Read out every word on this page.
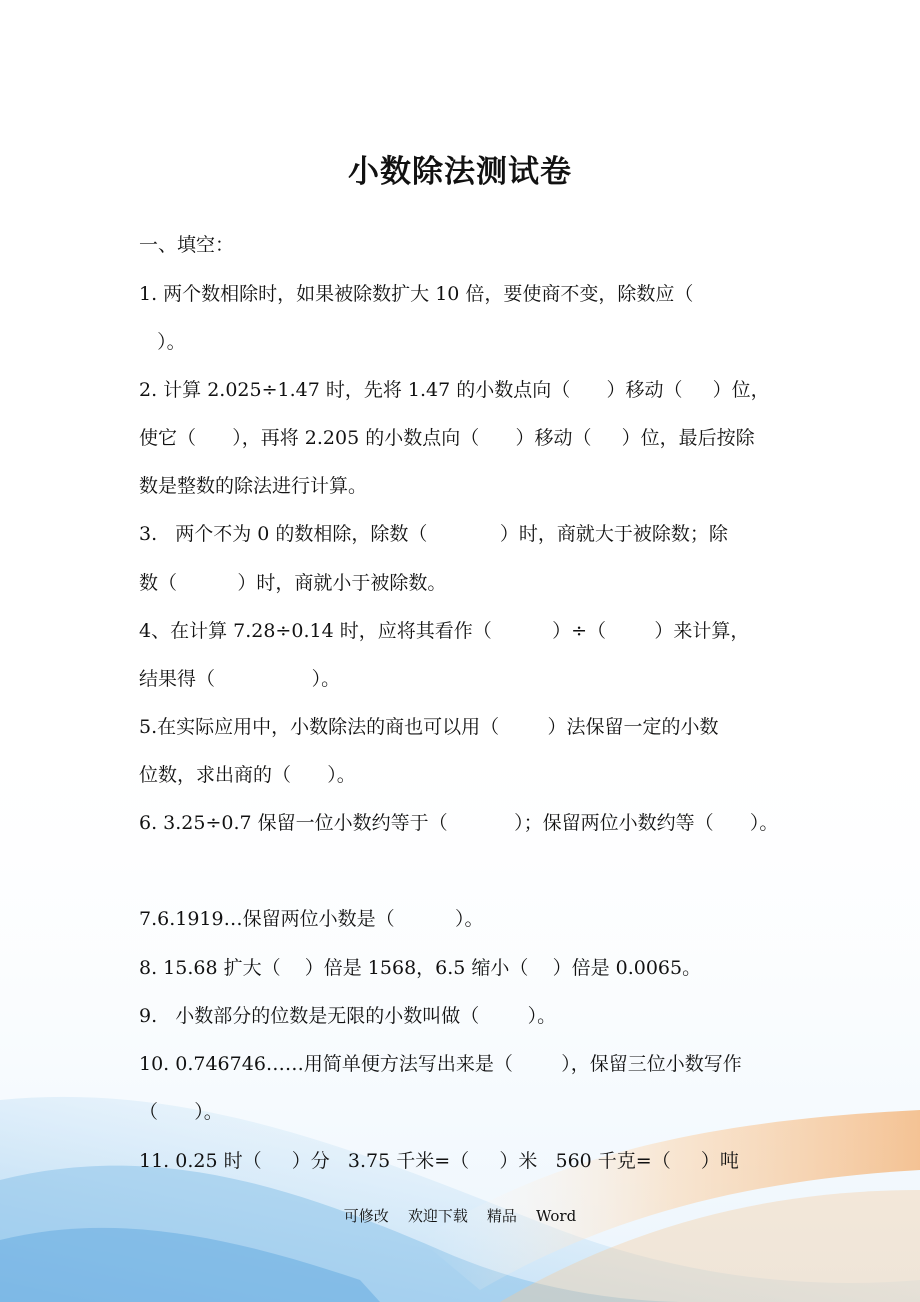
小数除法测试卷
一、填空：
1. 两个数相除时，如果被除数扩大 10 倍，要使商不变，除数应（
）。
2. 计算 2.025÷1.47 时，先将 1.47 的小数点向（      ）移动（     ）位，
使它（      ），再将 2.205 的小数点向（      ）移动（     ）位，最后按除
数是整数的除法进行计算。
3.   两个不为 0 的数相除，除数（            ）时，商就大于被除数；除
数（          ）时，商就小于被除数。
4、在计算 7.28÷0.14 时，应将其看作（          ）÷（        ）来计算，
结果得（                ）。
5.在实际应用中，小数除法的商也可以用（        ）法保留一定的小数
位数，求出商的（      ）。
6. 3.25÷0.7 保留一位小数约等于（           ）；保留两位小数约等（      ）。
7.6.1919…保留两位小数是（          ）。
8. 15.68 扩大（    ）倍是 1568，6.5 缩小（    ）倍是 0.0065。
9.   小数部分的位数是无限的小数叫做（        ）。
10. 0.746746……用简单便方法写出来是（        ），保留三位小数写作
（      ）。
11. 0.25 时（     ）分   3.75 千米=（     ）米   560 千克=（     ）吨
可修改    欢迎下载    精品    Word
